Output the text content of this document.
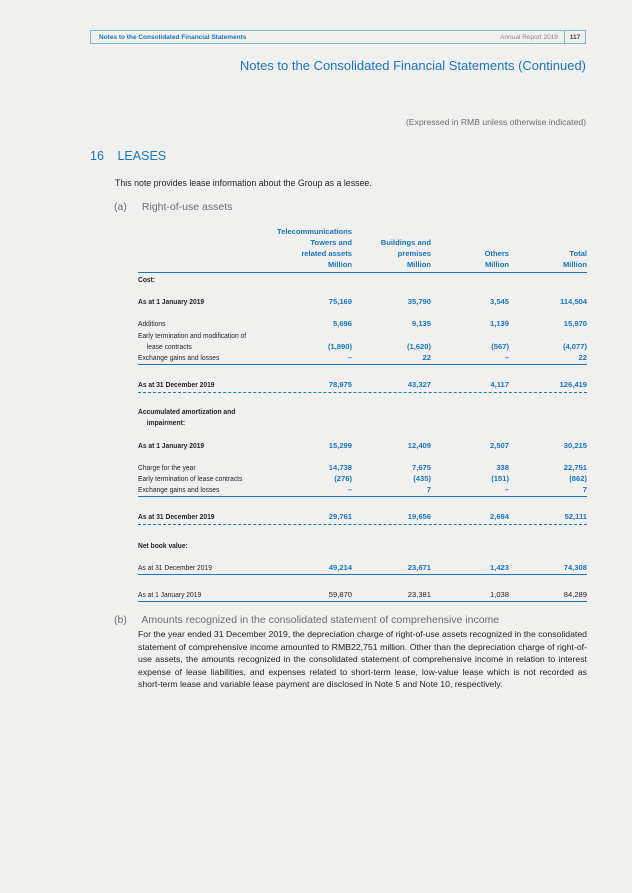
Notes to the Consolidated Financial Statements	Annual Report 2019	117
Notes to the Consolidated Financial Statements (Continued)
(Expressed in RMB unless otherwise indicated)
16 LEASES
This note provides lease information about the Group as a lessee.
(a) Right-of-use assets
Telecommunications
Towers and
related assets
Million
Buildings and
premises
Million
Others
Million
Total
Million
Cost:
As at 1 January 2019	75,169	35,790	3,545	114,504
Additions	5,696	9,135	1,139	15,970
Early termination and modification of
lease contracts	(1,890)	(1,620)	(567)	(4,077)
Exchange gains and losses	–	22	–	22
As at 31 December 2019	78,975	43,327	4,117	126,419
Accumulated amortization and
impairment:
As at 1 January 2019	15,299	12,409	2,507	30,215
Charge for the year	14,738	7,675	338	22,751
Early termination of lease contracts	(276)	(435)	(151)	(862)
Exchange gains and losses	–	7	–	7
As at 31 December 2019	29,761	19,656	2,694	52,111
Net book value:
As at 31 December 2019	49,214	23,671	1,423	74,308
As at 1 January 2019	59,870	23,381	1,038	84,289
(b) Amounts recognized in the consolidated statement of comprehensive income
For the year ended 31 December 2019, the depreciation charge of right-of-use assets recognized in the consolidated statement of comprehensive income amounted to RMB22,751 million. Other than the depreciation charge of right-of-use assets, the amounts recognized in the consolidated statement of comprehensive income in relation to interest expense of lease liabilities, and expenses related to short-term lease, low-value lease which is not recorded as short-term lease and variable lease payment are disclosed in Note 5 and Note 10, respectively.
